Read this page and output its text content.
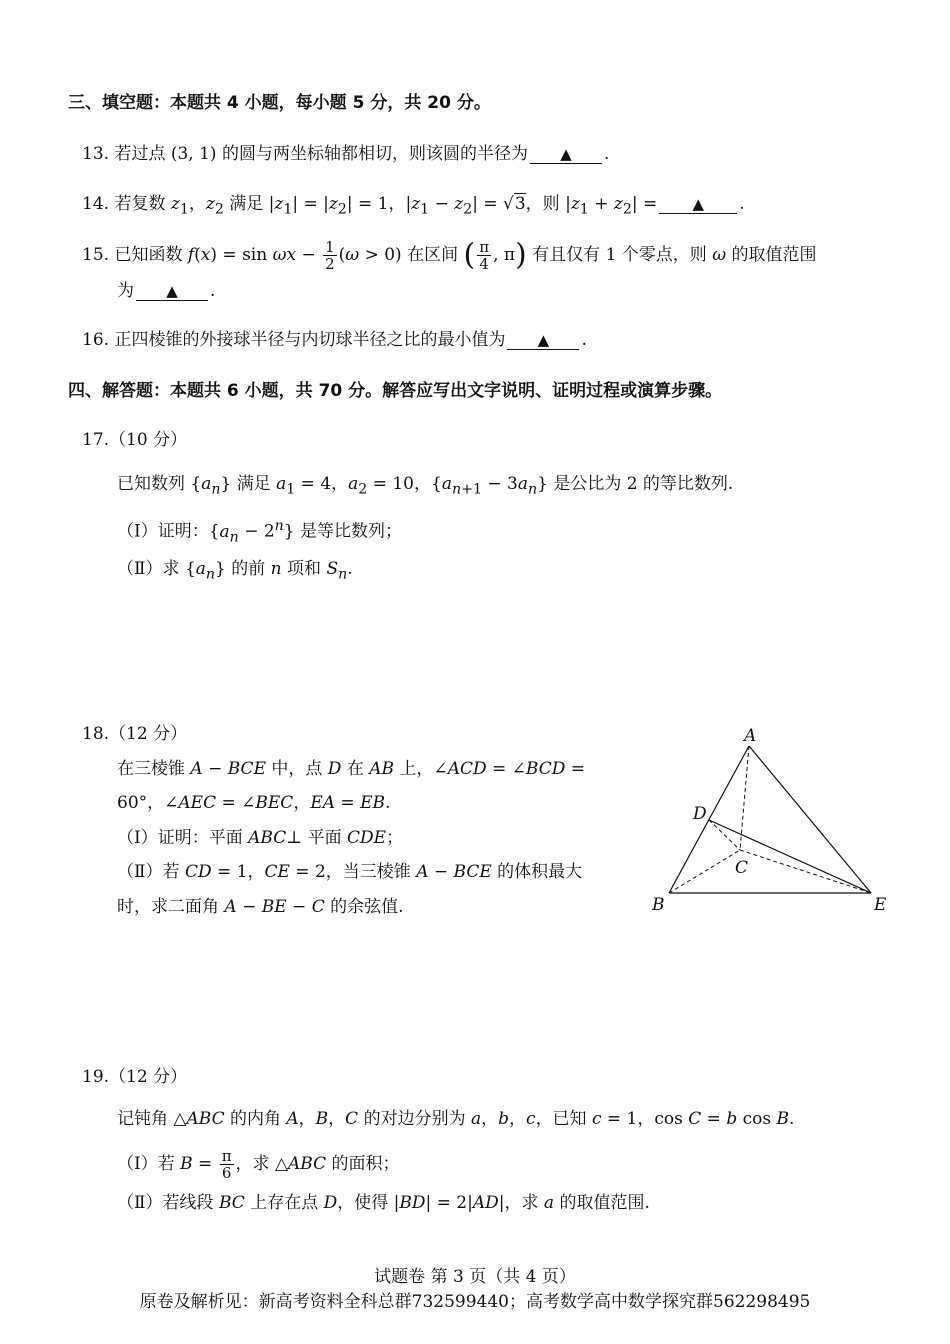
三、填空题：本题共 4 小题，每小题 5 分，共 20 分。
13. 若过点 (3, 1) 的圆与两坐标轴都相切，则该圆的半径为 ▲ .
14. 若复数 $z_1$，$z_2$ 满足 $|z_1| = |z_2| = 1$，$|z_1 - z_2| = √3$，则 $|z_1 + z_2|$ = ▲ .
15. 已知函数 $f(x) = \sin \omega x - \frac{1}{2} (\omega > 0)$ 在区间 ( $\frac{\pi}{4}$ , π) 有且仅有 1 个零点，则 ω 的取值范围
为 ▲ .
16. 正四棱锥的外接球半径与内切球半径之比的最小值为 ▲ .
四、解答题：本题共 6 小题，共 70 分。解答应写出文字说明、证明过程或演算步骤。
17.（10 分）
已知数列 $\{a_n\}$ 满足 $a_1 = 4$，$a_2 = 10$，$\{a_{n+1} - 3a_n\}$ 是公比为 2 的等比数列.
（Ⅰ）证明：$\{a_n - 2^n\}$ 是等比数列；
（Ⅱ）求 $\{a_n\}$ 的前 n 项和 $S_n$.
18.（12 分）
在三棱锥 A − BCE 中，点 D 在 AB 上，∠ACD = ∠BCD =
60°，∠AEC = ∠BEC，EA = EB.
（Ⅰ）证明：平面 ABC⊥ 平面 CDE；
（Ⅱ）若 CD = 1，CE = 2，当三棱锥 A − BCE 的体积最大
时，求二面角 A − BE − C 的余弦值.
A
B
C
D
E
19.（12 分）
记钝角 △ABC 的内角 A，B，C 的对边分别为 a，b，c，已知 c = 1，cos C = b cos B.
（Ⅰ）若 $B = \frac{\pi}{6}$ ，求 △ABC 的面积；
（Ⅱ）若线段 BC 上存在点 D，使得 |BD| = 2|AD|，求 a 的取值范围.
试题卷 第 3 页（共 4 页）
原卷及解析见：新高考资料全科总群732599440；高考数学高中数学探究群562298495
